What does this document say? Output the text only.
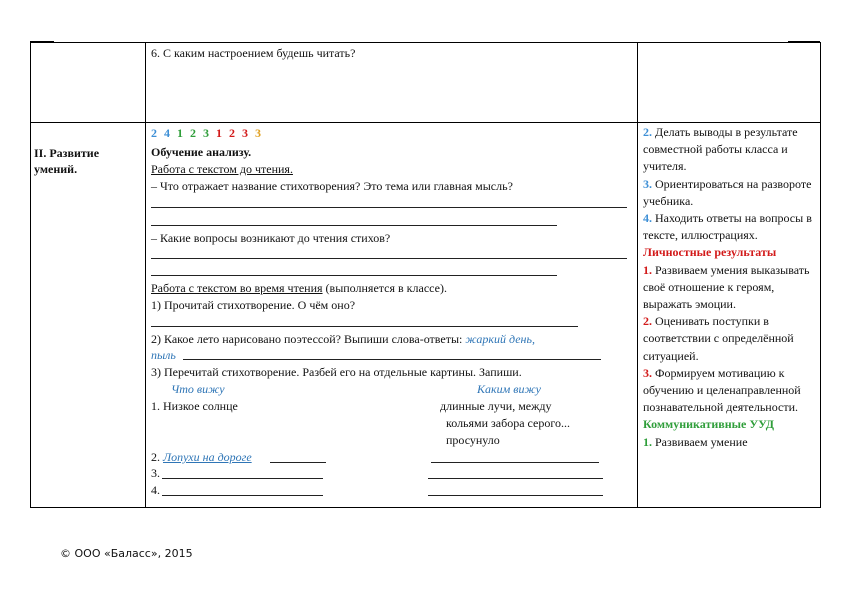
6. С каким настроением будешь читать?
II. Развитие умений.
2 4 1 2 3 1 2 3 3
Обучение анализу.
Работа с текстом до чтения.
– Что отражает название стихотворения? Это тема или главная мысль?
– Какие вопросы возникают до чтения стихов?
Работа с текстом во время чтения (выполняется в классе).
1) Прочитай стихотворение. О чём оно?
2) Какое лето нарисовано поэтессой? Выпиши слова-ответы: жаркий день,
пыль
3) Перечитай стихотворение. Разбей его на отдельные картины. Запиши.
Что вижу	Каким вижу
1. Низкое солнце	длинные лучи, между
кольями забора серого...
просунуло
2. Лопухи на дороге
3.
4.
2. Делать выводы в результате совместной работы класса и учителя.
3. Ориентироваться на развороте учебника.
4. Находить ответы на вопросы в тексте, иллюстрациях.
Личностные результаты
1. Развиваем умения выказывать своё отношение к героям, выражать эмоции.
2. Оценивать поступки в соответствии с определённой ситуацией.
3. Формируем мотивацию к обучению и целенаправленной познавательной деятельности.
Коммуникативные УУД
1. Развиваем умение
© ООО «Баласс», 2015
